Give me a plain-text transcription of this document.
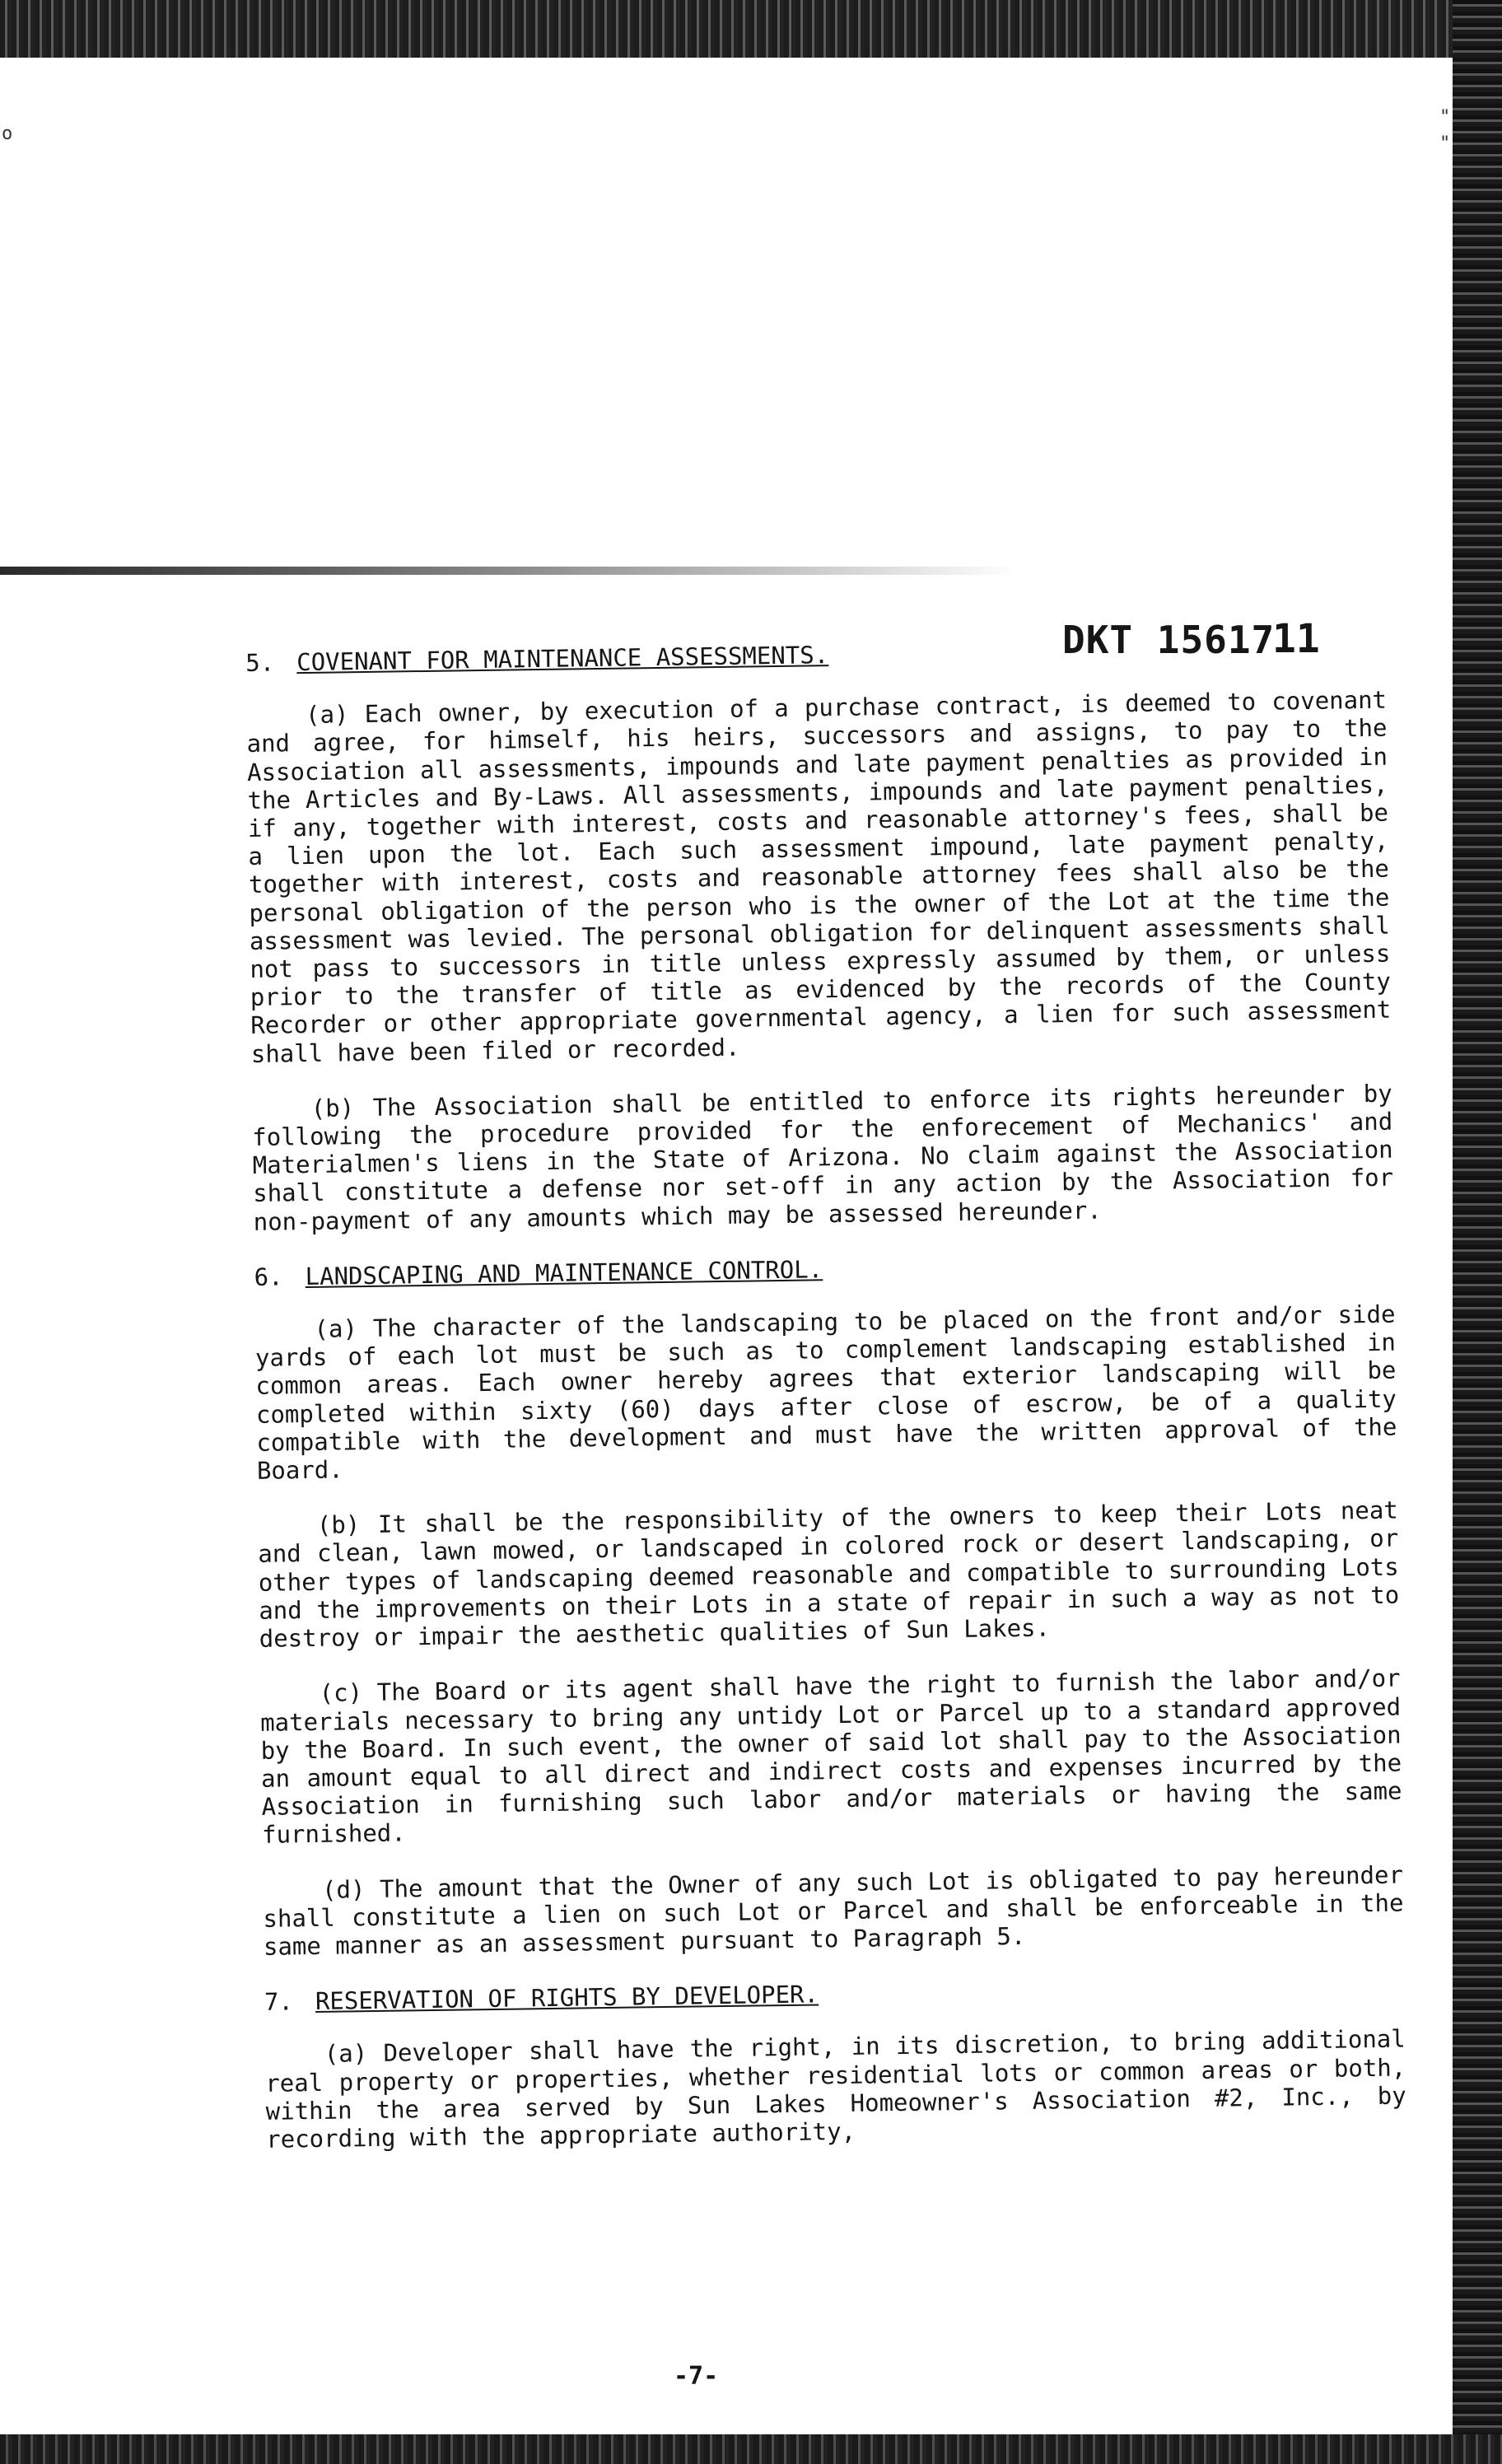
o
"
"
DKT 15617
11
5. COVENANT FOR MAINTENANCE ASSESSMENTS.

(a) Each owner, by execution of a purchase contract, is deemed to covenant and agree, for himself, his heirs, successors and assigns, to pay to the Association all assessments, impounds and late payment penalties as provided in the Articles and By-Laws. All assessments, impounds and late payment penalties, if any, together with interest, costs and reasonable attorney's fees, shall be a lien upon the lot. Each such assessment impound, late payment penalty, together with interest, costs and reasonable attorney fees shall also be the personal obligation of the person who is the owner of the Lot at the time the assessment was levied. The personal obligation for delinquent assessments shall not pass to successors in title unless expressly assumed by them, or unless prior to the transfer of title as evidenced by the records of the County Recorder or other appropriate governmental agency, a lien for such assessment shall have been filed or recorded.

(b) The Association shall be entitled to enforce its rights hereunder by following the procedure provided for the enforecement of Mechanics' and Materialmen's liens in the State of Arizona. No claim against the Association shall constitute a defense nor set-off in any action by the Association for non-payment of any amounts which may be assessed hereunder.

6. LANDSCAPING AND MAINTENANCE CONTROL.

(a) The character of the landscaping to be placed on the front and/or side yards of each lot must be such as to complement landscaping established in common areas. Each owner hereby agrees that exterior landscaping will be completed within sixty (60) days after close of escrow, be of a quality compatible with the development and must have the written approval of the Board.

(b) It shall be the responsibility of the owners to keep their Lots neat and clean, lawn mowed, or landscaped in colored rock or desert landscaping, or other types of landscaping deemed reasonable and compatible to surrounding Lots and the improvements on their Lots in a state of repair in such a way as not to destroy or impair the aesthetic qualities of Sun Lakes.

(c) The Board or its agent shall have the right to furnish the labor and/or materials necessary to bring any untidy Lot or Parcel up to a standard approved by the Board. In such event, the owner of said lot shall pay to the Association an amount equal to all direct and indirect costs and expenses incurred by the Association in furnishing such labor and/or materials or having the same furnished.

(d) The amount that the Owner of any such Lot is obligated to pay hereunder shall constitute a lien on such Lot or Parcel and shall be enforceable in the same manner as an assessment pursuant to Paragraph 5.

7. RESERVATION OF RIGHTS BY DEVELOPER.

(a) Developer shall have the right, in its discretion, to bring additional real property or properties, whether residential lots or common areas or both, within the area served by Sun Lakes Homeowner's Association #2, Inc., by recording with the appropriate authority,

-7-
